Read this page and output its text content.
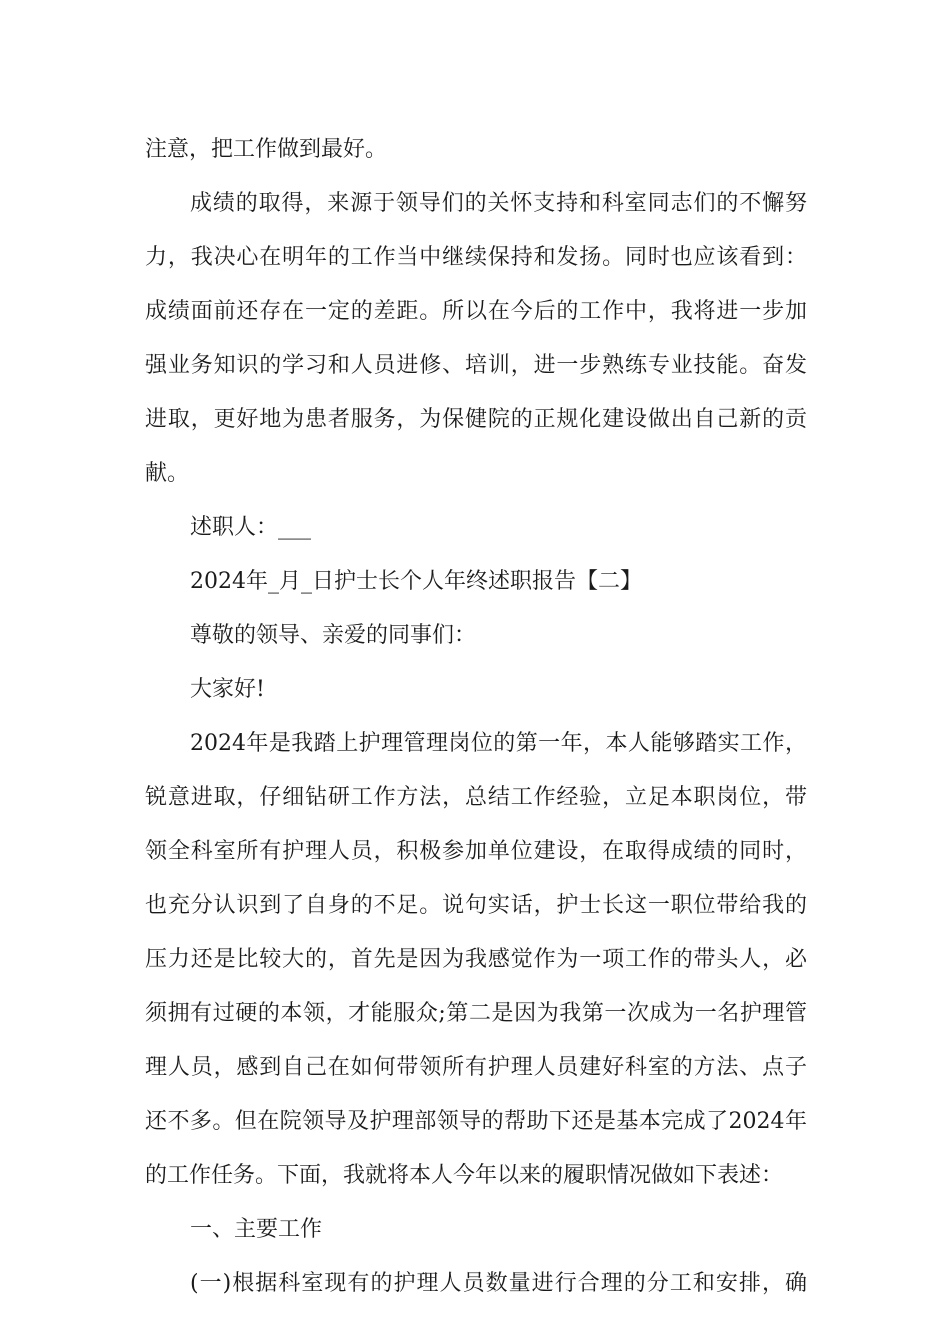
注意，把工作做到最好。
成绩的取得，来源于领导们的关怀支持和科室同志们的不懈努
力，我决心在明年的工作当中继续保持和发扬。同时也应该看到：
成绩面前还存在一定的差距。所以在今后的工作中，我将进一步加
强业务知识的学习和人员进修、培训，进一步熟练专业技能。奋发
进取，更好地为患者服务，为保健院的正规化建设做出自己新的贡
献。
述职人：___
2024年_月_日护士长个人年终述职报告【二】
尊敬的领导、亲爱的同事们：
大家好!
2024年是我踏上护理管理岗位的第一年，本人能够踏实工作，
锐意进取，仔细钻研工作方法，总结工作经验，立足本职岗位，带
领全科室所有护理人员，积极参加单位建设，在取得成绩的同时，
也充分认识到了自身的不足。说句实话，护士长这一职位带给我的
压力还是比较大的，首先是因为我感觉作为一项工作的带头人，必
须拥有过硬的本领，才能服众;第二是因为我第一次成为一名护理管
理人员，感到自己在如何带领所有护理人员建好科室的方法、点子
还不多。但在院领导及护理部领导的帮助下还是基本完成了2024年
的工作任务。下面，我就将本人今年以来的履职情况做如下表述：
一、主要工作
(一)根据科室现有的护理人员数量进行合理的分工和安排，确
